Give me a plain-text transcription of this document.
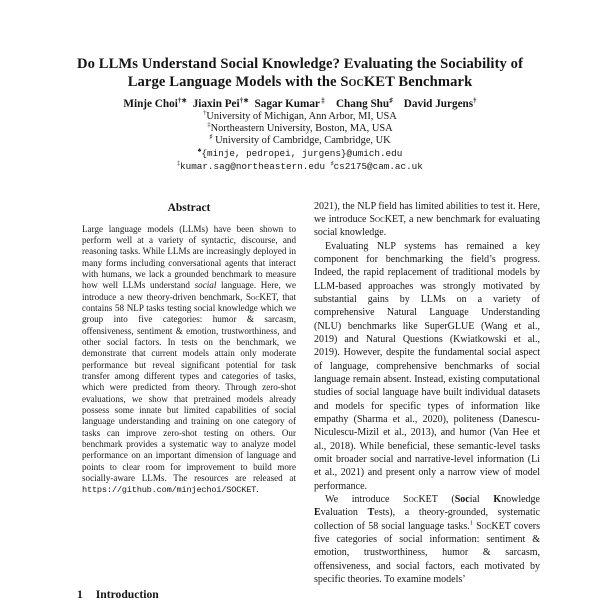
Do LLMs Understand Social Knowledge? Evaluating the Sociability of
Large Language Models with the SocKET Benchmark
Minje Choi†∗ Jiaxin Pei†∗ Sagar Kumar ‡ Chang Shu♯ David Jurgens†
†University of Michigan, Ann Arbor, MI, USA
‡Northeastern University, Boston, MA, USA
♯ University of Cambridge, Cambridge, UK
♣{minje, pedropei, jurgens}@umich.edu
‡kumar.sag@northeastern.edu ♯cs2175@cam.ac.uk
Abstract

Large language models (LLMs) have been shown to perform well at a variety of syntactic, discourse, and reasoning tasks. While LLMs are increasingly deployed in many forms including conversational agents that interact with humans, we lack a grounded benchmark to measure how well LLMs understand social language. Here, we introduce a new theory-driven benchmark, SocKET, that contains 58 NLP tasks testing social knowledge which we group into five categories: humor & sarcasm, offensiveness, sentiment & emotion, trustworthiness, and other social factors. In tests on the benchmark, we demonstrate that current models attain only moderate performance but reveal significant potential for task transfer among different types and categories of tasks, which were predicted from theory. Through zero-shot evaluations, we show that pretrained models already possess some innate but limited capabilities of social language understanding and training on one category of tasks can improve zero-shot testing on others. Our benchmark provides a systematic way to analyze model performance on an important dimension of language and points to clear room for improvement to build more socially-aware LLMs. The resources are released at https://github.com/minjechoi/SOCKET.

2021), the NLP field has limited abilities to test it. Here, we introduce SocKET, a new benchmark for evaluating social knowledge.

Evaluating NLP systems has remained a key component for benchmarking the field’s progress. Indeed, the rapid replacement of traditional models by LLM-based approaches was strongly motivated by substantial gains by LLMs on a variety of comprehensive Natural Language Understanding (NLU) benchmarks like SuperGLUE (Wang et al., 2019) and Natural Questions (Kwiatkowski et al., 2019). However, despite the fundamental social aspect of language, comprehensive benchmarks of social language remain absent. Instead, existing computational studies of social language have built individual datasets and models for specific types of information like empathy (Sharma et al., 2020), politeness (Danescu-Niculescu-Mizil et al., 2013), and humor (Van Hee et al., 2018). While beneficial, these semantic-level tasks omit broader social and narrative-level information (Li et al., 2021) and present only a narrow view of model performance.

We introduce SocKET (Social Knowledge Evaluation Tests), a theory-grounded, systematic collection of 58 social language tasks.$^1$ SocKET covers five categories of social information: sentiment & emotion, trustworthiness, humor & sarcasm, offensiveness, and social factors, each motivated by specific theories. To examine models’

1 Introduction
